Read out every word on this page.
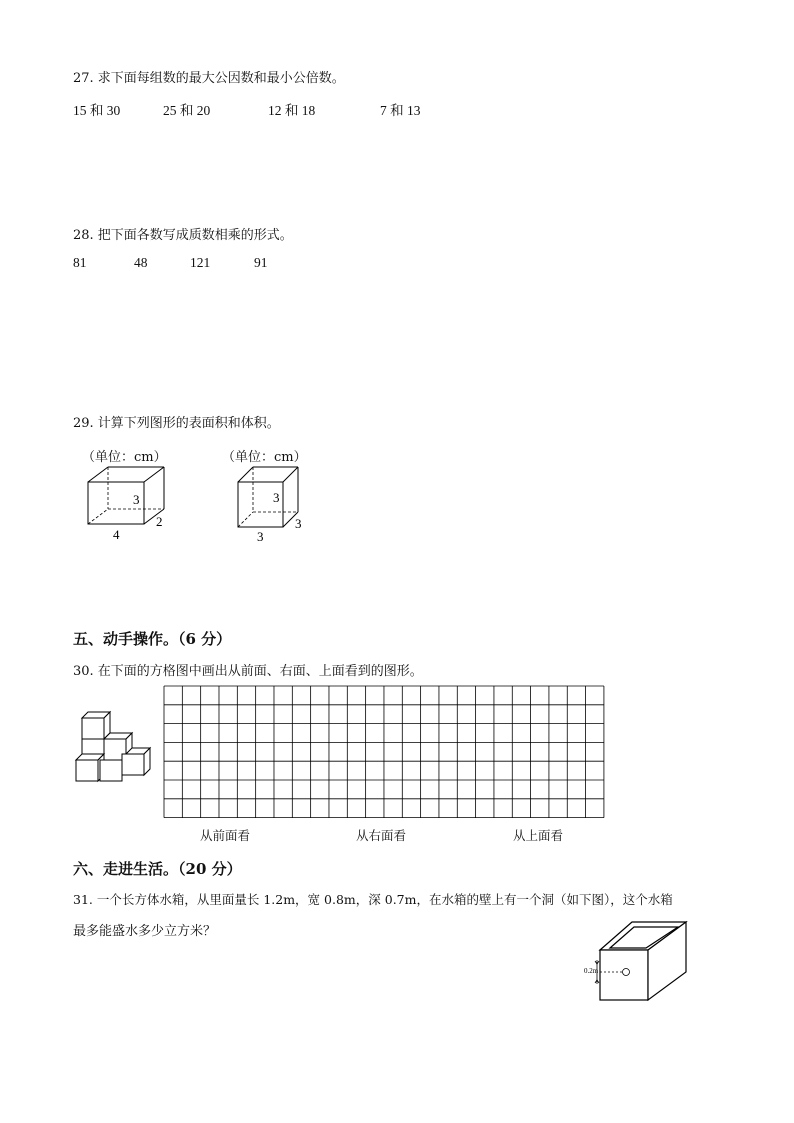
27. 求下面每组数的最大公因数和最小公倍数。
15 和 30	25 和 20	12 和 18	7 和 13
28. 把下面各数写成质数相乘的形式。
81	48	121	91
29. 计算下列图形的表面积和体积。
（单位：cm）	（单位：cm）
3
2
4
3
3
3
五、动手操作。（6 分）
30. 在下面的方格图中画出从前面、右面、上面看到的图形。
从前面看	从右面看	从上面看
六、走进生活。（20 分）
31. 一个长方体水箱，从里面量长 1.2m，宽 0.8m，深 0.7m，在水箱的壁上有一个洞（如下图），这个水箱
最多能盛水多少立方米？
0.2m
